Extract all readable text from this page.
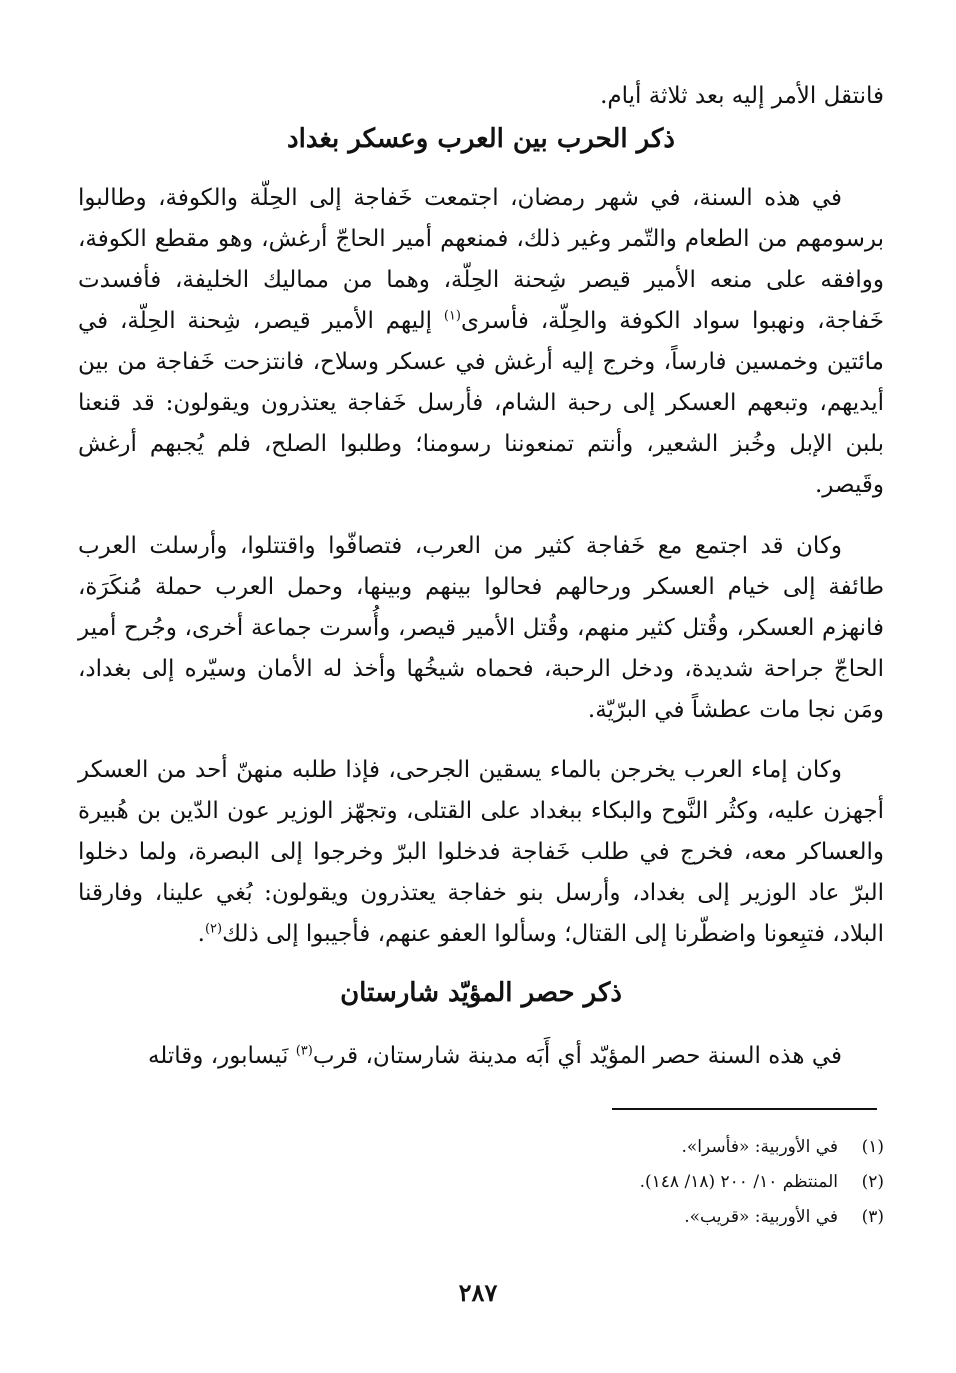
فانتقل الأمر إليه بعد ثلاثة أيام.
ذكر الحرب بين العرب وعسكر بغداد
في هذه السنة، في شهر رمضان، اجتمعت خَفاجة إلى الحِلّة والكوفة، وطالبوا برسومهم من الطعام والتّمر وغير ذلك، فمنعهم أمير الحاجّ أرغش، وهو مقطع الكوفة، ووافقه على منعه الأمير قيصر شِحنة الحِلّة، وهما من مماليك الخليفة، فأفسدت خَفاجة، ونهبوا سواد الكوفة والحِلّة، فأسرى$^{(١)}$ إليهم الأمير قيصر، شِحنة الحِلّة، في مائتين وخمسين فارساً، وخرج إليه أرغش في عسكر وسلاح، فانتزحت خَفاجة من بين أيديهم، وتبعهم العسكر إلى رحبة الشام، فأرسل خَفاجة يعتذرون ويقولون: قد قنعنا بلبن الإبل وخُبز الشعير، وأنتم تمنعوننا رسومنا؛ وطلبوا الصلح، فلم يُجبهم أرغش وقَيصر.
وكان قد اجتمع مع خَفاجة كثير من العرب، فتصافّوا واقتتلوا، وأرسلت العرب طائفة إلى خيام العسكر ورحالهم فحالوا بينهم وبينها، وحمل العرب حملة مُنكَرَة، فانهزم العسكر، وقُتل كثير منهم، وقُتل الأمير قيصر، وأُسرت جماعة أخرى، وجُرح أمير الحاجّ جراحة شديدة، ودخل الرحبة، فحماه شيخُها وأخذ له الأمان وسيّره إلى بغداد، ومَن نجا مات عطشاً في البرّيّة.
وكان إماء العرب يخرجن بالماء يسقين الجرحى، فإذا طلبه منهنّ أحد من العسكر أجهزن عليه، وكثُر النَّوح والبكاء ببغداد على القتلى، وتجهّز الوزير عون الدّين بن هُبيرة والعساكر معه، فخرج في طلب خَفاجة فدخلوا البرّ وخرجوا إلى البصرة، ولما دخلوا البرّ عاد الوزير إلى بغداد، وأرسل بنو خفاجة يعتذرون ويقولون: بُغي علينا، وفارقنا البلاد، فتبِعونا واضطّرنا إلى القتال؛ وسألوا العفو عنهم، فأجيبوا إلى ذلك$^{(٢)}$.
ذكر حصر المؤيّد شارستان
في هذه السنة حصر المؤيّد أي أَبَه مدينة شارستان، قرب$^{(٣)}$ نَيسابور، وقاتله
(١)
في الأوربية: «فأسرا».
(٢)
المنتظم ١٠/ ٢٠٠ (١٨/ ١٤٨).
(٣)
في الأوربية: «قريب».
٢٨٧
